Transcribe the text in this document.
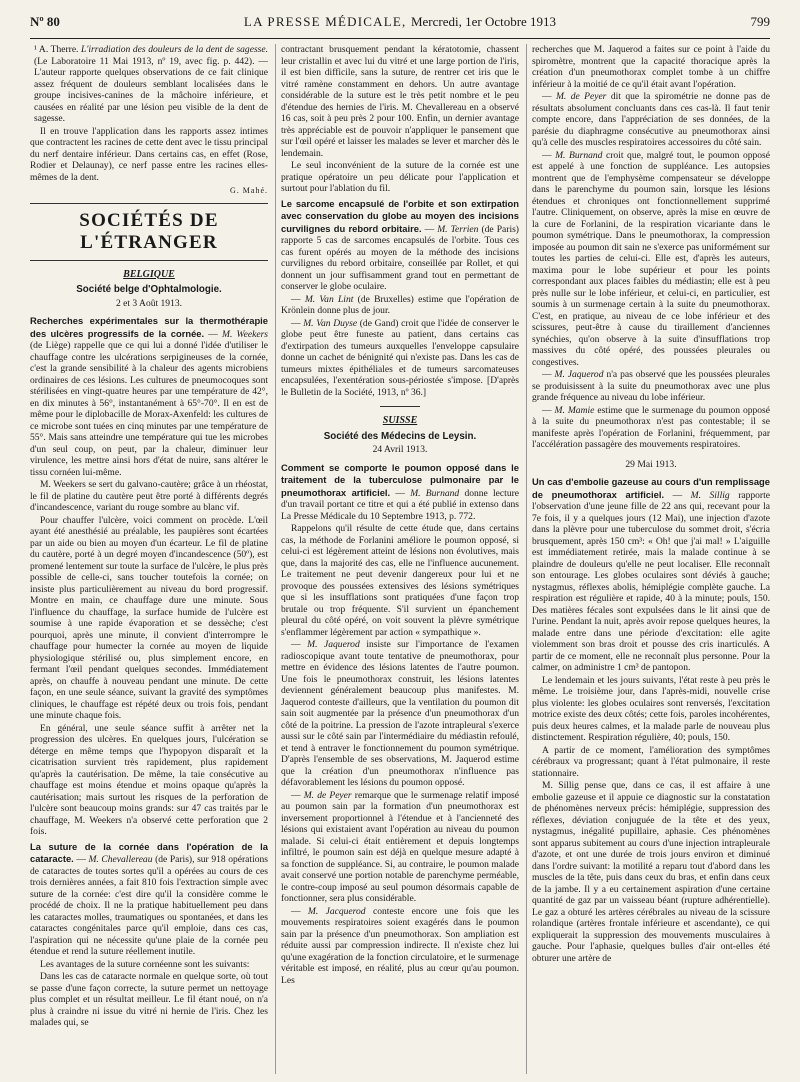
Nº 80	LA PRESSE MÉDICALE, Mercredi, 1er Octobre 1913	799

¹ A. Therre. L'irradiation des douleurs de la dent de sagesse. (Le Laboratoire 11 Mai 1913, nº 19, avec fig. p. 442). — L'auteur rapporte quelques observations de ce fait clinique assez fréquent de douleurs semblant localisées dans le groupe incisives-canines de la mâchoire inférieure, et causées en réalité par une lésion peu visible de la dent de sagesse.

Il en trouve l'application dans les rapports assez intimes que contractent les racines de cette dent avec le tissu principal du nerf dentaire inférieur. Dans certains cas, en effet (Rose, Rodier et Delaunay), ce nerf passe entre les racines elles-mêmes de la dent.

G. Mahé.

SOCIÉTÉS DE L'ÉTRANGER

BELGIQUE

Société belge d'Ophtalmologie.

2 et 3 Août 1913.

Recherches expérimentales sur la thermothérapie des ulcères progressifs de la cornée. — M. Weekers (de Liège) rappelle que ce qui lui a donné l'idée d'utiliser le chauffage contre les ulcérations serpigineuses de la cornée, c'est la grande sensibilité à la chaleur des agents microbiens ordinaires de ces lésions. Les cultures de pneumocoques sont stérilisées en vingt-quatre heures par une température de 42°, en dix minutes à 56°, instantanément à 65°-70°. Il en est de même pour le diplobacille de Morax-Axenfeld: les cultures de ce microbe sont tuées en cinq minutes par une température de 55°. Mais sans atteindre une température qui tue les microbes d'un seul coup, on peut, par la chaleur, diminuer leur virulence, les mettre ainsi hors d'état de nuire, sans altérer le tissu cornéen lui-même.

M. Weekers se sert du galvano-cautère; grâce à un rhéostat, le fil de platine du cautère peut être porté à différents degrés d'incandescence, variant du rouge sombre au blanc vif.

Pour chauffer l'ulcère, voici comment on procède. L'œil ayant été anesthésié au préalable, les paupières sont écartées par un aide ou bien au moyen d'un écarteur. Le fil de platine du cautère, porté à un degré moyen d'incandescence (50º), est promené lentement sur toute la surface de l'ulcère, le plus près possible de celle-ci, sans toucher toutefois la cornée; on insiste plus particulièrement au niveau du bord progressif. Montre en main, ce chauffage dure une minute. Sous l'influence du chauffage, la surface humide de l'ulcère est soumise à une rapide évaporation et se dessèche; c'est pourquoi, après une minute, il convient d'interrompre le chauffage pour humecter la cornée au moyen de liquide physiologique stérilisé ou, plus simplement encore, en fermant l'œil pendant quelques secondes. Immédiatement après, on chauffe à nouveau pendant une minute. De cette façon, en une seule séance, suivant la gravité des symptômes cliniques, le chauffage est répété deux ou trois fois, pendant une minute chaque fois.

En général, une seule séance suffit à arrêter net la progression des ulcères. En quelques jours, l'ulcération se déterge en même temps que l'hypopyon disparaît et la cicatrisation survient très rapidement, plus rapidement qu'après la cautérisation. De même, la taie consécutive au chauffage est moins étendue et moins opaque qu'après la cautérisation; mais surtout les risques de la perforation de l'ulcère sont beaucoup moins grands: sur 47 cas traités par le chauffage, M. Weekers n'a observé cette perforation que 2 fois.

La suture de la cornée dans l'opération de la cataracte. — M. Chevallereau (de Paris), sur 918 opérations de cataractes de toutes sortes qu'il a opérées au cours de ces trois dernières années, a fait 810 fois l'extraction simple avec suture de la cornée: c'est dire qu'il la considère comme le procédé de choix. Il ne la pratique habituellement peu dans les cataractes molles, traumatiques ou spontanées, et dans les cataractes congénitales parce qu'il emploie, dans ces cas, l'aspiration qui ne nécessite qu'une plaie de la cornée peu étendue et rend la suture réellement inutile.

Les avantages de la suture cornéenne sont les suivants:

Dans les cas de cataracte normale en quelque sorte, où tout se passe d'une façon correcte, la suture permet un nettoyage plus complet et un résultat meilleur. Le fil étant noué, on n'a plus à craindre ni issue du vitré ni hernie de l'iris. Chez les malades qui, se

contractant brusquement pendant la kératotomie, chassent leur cristallin et avec lui du vitré et une large portion de l'iris, il est bien difficile, sans la suture, de rentrer cet iris que le vitré ramène constamment en dehors. Un autre avantage considérable de la suture est le très petit nombre et le peu d'étendue des hernies de l'iris. M. Chevallereau en a observé 16 cas, soit à peu près 2 pour 100. Enfin, un dernier avantage très appréciable est de pouvoir n'appliquer le pansement que sur l'œil opéré et laisser les malades se lever et marcher dès le lendemain.

Le seul inconvénient de la suture de la cornée est une pratique opératoire un peu délicate pour l'application et surtout pour l'ablation du fil.

Le sarcome encapsulé de l'orbite et son extirpation avec conservation du globe au moyen des incisions curvilignes du rebord orbitaire. — M. Terrien (de Paris) rapporte 5 cas de sarcomes encapsulés de l'orbite. Tous ces cas furent opérés au moyen de la méthode des incisions curvilignes du rebord orbitaire, conseillée par Rollet, et qui donnent un jour suffisamment grand tout en permettant de conserver le globe oculaire.

— M. Van Lint (de Bruxelles) estime que l'opération de Krönlein donne plus de jour.

— M. Van Duyse (de Gand) croit que l'idée de conserver le globe peut être funeste au patient, dans certains cas d'extirpation des tumeurs auxquelles l'enveloppe capsulaire donne un cachet de bénignité qui n'existe pas. Dans les cas de tumeurs mixtes épithéliales et de tumeurs sarcomateuses encapsulées, l'exentération sous-périostée s'impose. [D'après le Bulletin de la Société, 1913, nº 36.]

SUISSE

Société des Médecins de Leysin.

24 Avril 1913.

Comment se comporte le poumon opposé dans le traitement de la tuberculose pulmonaire par le pneumothorax artificiel. — M. Burnand donne lecture d'un travail portant ce titre et qui a été publié in extenso dans La Presse Médicale du 10 Septembre 1913, p. 772.

Rappelons qu'il résulte de cette étude que, dans certains cas, la méthode de Forlanini améliore le poumon opposé, si celui-ci est légèrement atteint de lésions non évolutives, mais que, dans la majorité des cas, elle ne l'influence aucunement. Le traitement ne peut devenir dangereux pour lui et ne provoque des poussées extensives des lésions symétriques que si les insufflations sont pratiquées d'une façon trop brutale ou trop fréquente. S'il survient un épanchement pleural du côté opéré, on voit souvent la plèvre symétrique s'enflammer légèrement par action « sympathique ».

— M. Jaquerod insiste sur l'importance de l'examen radioscopique avant toute tentative de pneumothorax, pour mettre en évidence des lésions latentes de l'autre poumon. Une fois le pneumothorax construit, les lésions latentes deviennent généralement beaucoup plus manifestes. M. Jaquerod conteste d'ailleurs, que la ventilation du poumon dit sain soit augmentée par la présence d'un pneumothorax d'un côté de la poitrine. La pression de l'azote intrapleural s'exerce aussi sur le côté sain par l'intermédiaire du médiastin refoulé, et tend à entraver le fonctionnement du poumon symétrique. D'après l'ensemble de ses observations, M. Jaquerod estime que la création d'un pneumothorax n'influence pas défavorablement les lésions du poumon opposé.

— M. de Peyer remarque que le surmenage relatif imposé au poumon sain par la formation d'un pneumothorax est inversement proportionnel à l'étendue et à l'ancienneté des lésions qui existaient avant l'opération au niveau du poumon malade. Si celui-ci était entièrement et depuis longtemps infiltré, le poumon sain est déjà en quelque mesure adapté à sa fonction de suppléance. Si, au contraire, le poumon malade avait conservé une portion notable de parenchyme perméable, le contre-coup imposé au seul poumon désormais capable de fonctionner, sera plus considérable.

— M. Jacquerod conteste encore une fois que les mouvements respiratoires soient exagérés dans le poumon sain par la présence d'un pneumothorax. Son ampliation est réduite aussi par compression indirecte. Il n'existe chez lui qu'une exagération de la fonction circulatoire, et le surmenage véritable est imposé, en réalité, plus au cœur qu'au poumon. Les

recherches que M. Jaquerod a faites sur ce point à l'aide du spiromètre, montrent que la capacité thoracique après la création d'un pneumothorax complet tombe à un chiffre inférieur à la moitié de ce qu'il était avant l'opération.

— M. de Peyer dit que la spirométrie ne donne pas de résultats absolument concluants dans ces cas-là. Il faut tenir compte encore, dans l'appréciation de ses données, de la parésie du diaphragme consécutive au pneumothorax ainsi qu'à celle des muscles respiratoires accessoires du côté sain.

— M. Burnand croit que, malgré tout, le poumon opposé est appelé à une fonction de suppléance. Les autopsies montrent que de l'emphysème compensateur se développe dans le parenchyme du poumon sain, lorsque les lésions étendues et chroniques ont fonctionnellement supprimé l'autre. Cliniquement, on observe, après la mise en œuvre de la cure de Forlanini, de la respiration vicariante dans le poumon symétrique. Dans le pneumothorax, la compression imposée au poumon dit sain ne s'exerce pas uniformément sur toutes les parties de celui-ci. Elle est, d'après les auteurs, maxima pour le lobe supérieur et pour les points correspondant aux places faibles du médiastin; elle est à peu près nulle sur le lobe inférieur, et celui-ci, en particulier, est soumis à un surmenage certain à la suite du pneumothorax. C'est, en pratique, au niveau de ce lobe inférieur et des scissures, peut-être à cause du tiraillement d'anciennes synéchies, qu'on observe à la suite d'insufflations trop massives du côté opéré, des poussées pleurales ou congestives.

— M. Jaquerod n'a pas observé que les poussées pleurales se produisissent à la suite du pneumothorax avec une plus grande fréquence au niveau du lobe inférieur.

— M. Mamie estime que le surmenage du poumon opposé à la suite du pneumothorax n'est pas contestable; il se manifeste après l'opération de Forlanini, fréquemment, par l'accélération passagère des mouvements respiratoires.

29 Mai 1913.

Un cas d'embolie gazeuse au cours d'un remplissage de pneumothorax artificiel. — M. Sillig rapporte l'observation d'une jeune fille de 22 ans qui, recevant pour la 7e fois, il y a quelques jours (12 Mai), une injection d'azote dans la plèvre pour une tuberculose du sommet droit, s'écria brusquement, après 150 cm³: « Oh! que j'ai mal! » L'aiguille est immédiatement retirée, mais la malade continue à se plaindre de douleurs qu'elle ne peut localiser. Elle reconnaît son entourage. Les globes oculaires sont déviés à gauche; nystagmus, réflexes abolis, hémiplégie complète gauche. La respiration est régulière et rapide, 40 à la minute; pouls, 150. Des matières fécales sont expulsées dans le lit ainsi que de l'urine. Pendant la nuit, après avoir repose quelques heures, la malade entre dans une période d'excitation: elle agite violemment son bras droit et pousse des cris inarticulés. A partir de ce moment, elle ne reconnaît plus personne. Pour la calmer, on administre 1 cm³ de pantopon.

Le lendemain et les jours suivants, l'état reste à peu près le même. Le troisième jour, dans l'après-midi, nouvelle crise plus violente: les globes oculaires sont renversés, l'excitation motrice existe des deux côtés; cette fois, paroles incohérentes, puis deux heures calmes, et la malade parle de nouveau plus distinctement. Respiration régulière, 40; pouls, 150.

A partir de ce moment, l'amélioration des symptômes cérébraux va progressant; quant à l'état pulmonaire, il reste stationnaire.

M. Sillig pense que, dans ce cas, il est affaire à une embolie gazeuse et il appuie ce diagnostic sur la constatation de phénomènes nerveux précis: hémiplégie, suppression des réflexes, déviation conjuguée de la tête et des yeux, nystagmus, inégalité pupillaire, aphasie. Ces phénomènes sont apparus subitement au cours d'une injection intrapleurale d'azote, et ont une durée de trois jours environ et diminué dans l'ordre suivant: la motilité a reparu tout d'abord dans les muscles de la tête, puis dans ceux du bras, et enfin dans ceux de la jambe. Il y a eu certainement aspiration d'une certaine quantité de gaz par un vaisseau béant (rupture adhérentielle). Le gaz a obturé les artères cérébrales au niveau de la scissure rolandique (artères frontale inférieure et ascendante), ce qui expliquerait la suppression des mouvements musculaires à gauche. Pour l'aphasie, quelques bulles d'air ont-elles été obturer une artère de
